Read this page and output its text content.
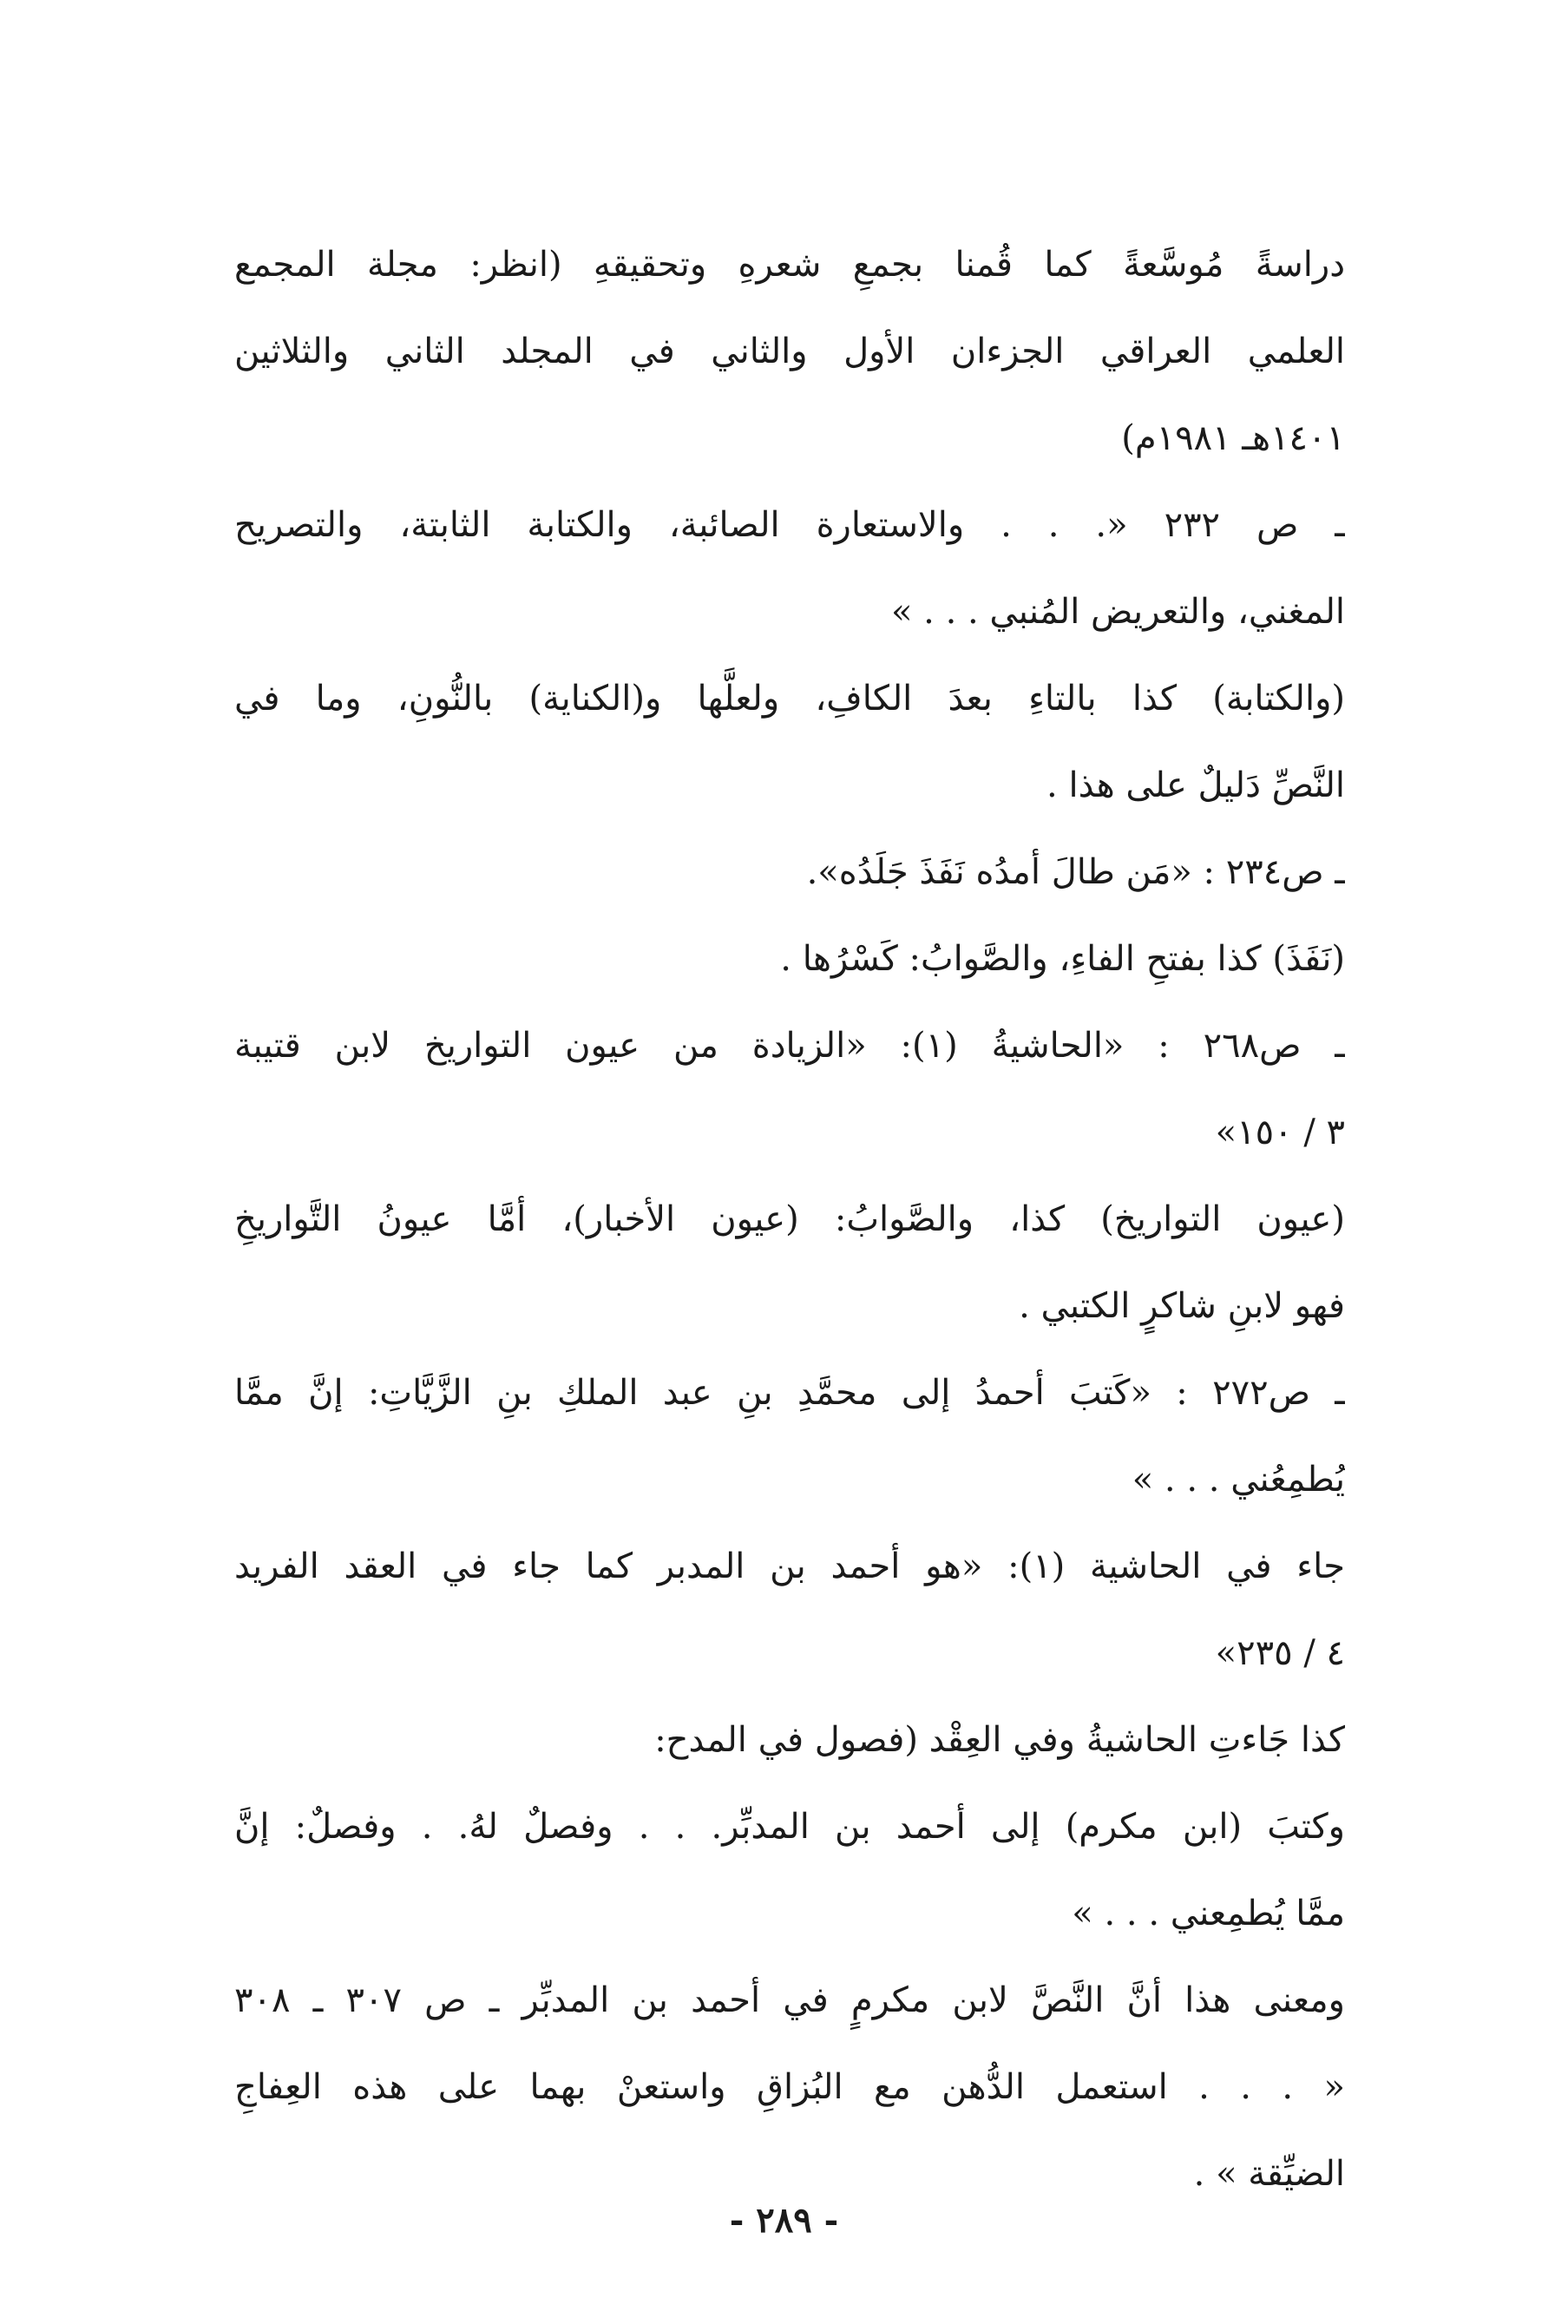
دراسةً مُوسَّعةً كما قُمنا بجمعِ شعرهِ وتحقيقهِ (انظر: مجلة المجمع
العلمي العراقي الجزءان الأول والثاني في المجلد الثاني والثلاثين
١٤٠١هـ ١٩٨١م)
ـ ص ٢٣٢ «. . . والاستعارة الصائبة، والكتابة الثابتة، والتصريح
المغني، والتعريض المُنبي . . . »
(والكتابة) كذا بالتاءِ بعدَ الكافِ، ولعلَّها و(الكناية) بالنُّونِ، وما في
النَّصِّ دَليلٌ على هذا .
ـ ص٢٣٤ : «مَن طالَ أمدُه نَفَذَ جَلَدُه».
(نَفَذَ) كذا بفتحِ الفاءِ، والصَّوابُ: كَسْرُها .
ـ ص٢٦٨ : «الحاشيةُ (١): «الزيادة من عيون التواريخ لابن قتيبة
٣ / ١٥٠»
(عيون التواريخ) كذا، والصَّوابُ: (عيون الأخبار)، أمَّا عيونُ التَّواريخِ
فهو لابنِ شاكرٍ الكتبي .
ـ ص٢٧٢ : «كَتبَ أحمدُ إلى محمَّدِ بنِ عبد الملكِ بنِ الزَّيَّاتِ: إنَّ ممَّا
يُطمِعُني . . . »
جاء في الحاشية (١): «هو أحمد بن المدبر كما جاء في العقد الفريد
٤ / ٢٣٥»
كذا جَاءتِ الحاشيةُ وفي العِقْد (فصول في المدح:
وكتبَ (ابن مكرم) إلى أحمد بن المدبِّر. . . وفصلٌ لهُ. . وفصلٌ: إنَّ
ممَّا يُطمِعني . . . »
ومعنى هذا أنَّ النَّصَّ لابن مكرمٍ في أحمد بن المدبِّر ـ ص ٣٠٧ ـ ٣٠٨
« . . . استعمل الدُّهن مع البُزاقِ واستعنْ بهما على هذه العِفاجِ
الضيِّقة » .
- ٢٨٩ -
